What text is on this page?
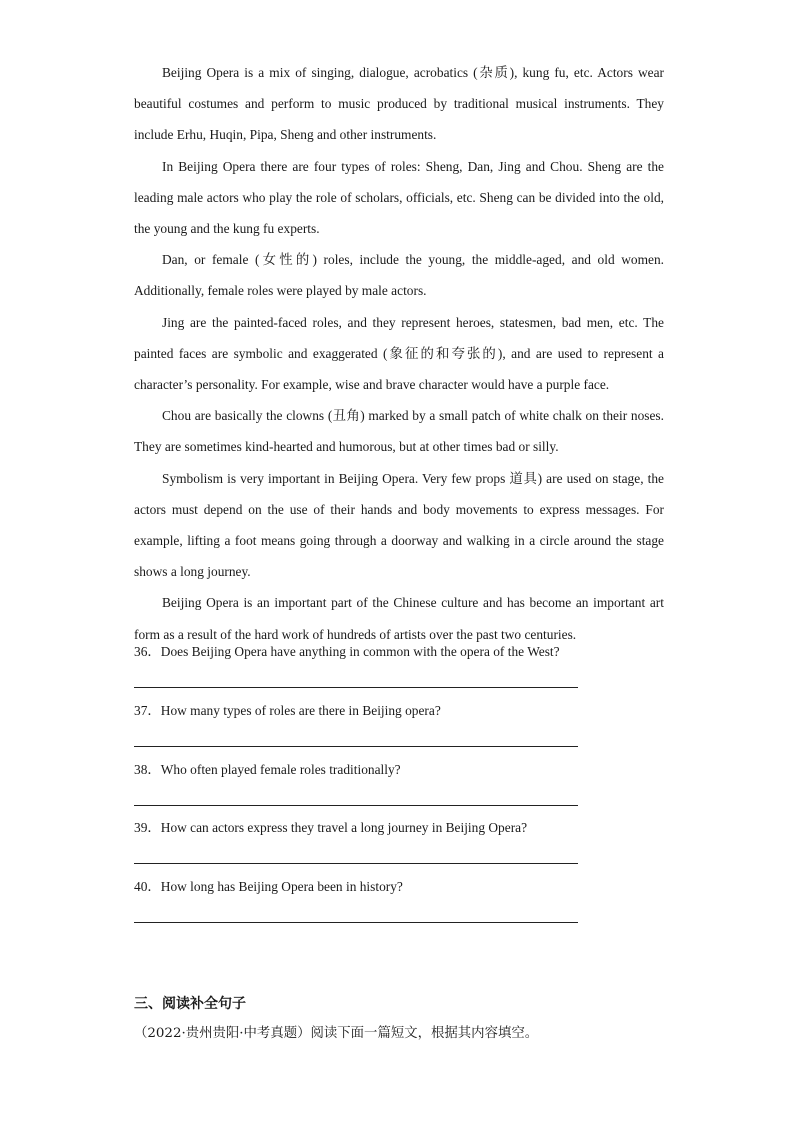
Beijing Opera is a mix of singing, dialogue, acrobatics (杂质), kung fu, etc. Actors wear beautiful costumes and perform to music produced by traditional musical instruments. They include Erhu, Huqin, Pipa, Sheng and other instruments.

In Beijing Opera there are four types of roles: Sheng, Dan, Jing and Chou. Sheng are the leading male actors who play the role of scholars, officials, etc. Sheng can be divided into the old, the young and the kung fu experts.

Dan, or female (女性的) roles, include the young, the middle-aged, and old women. Additionally, female roles were played by male actors.

Jing are the painted-faced roles, and they represent heroes, statesmen, bad men, etc. The painted faces are symbolic and exaggerated (象征的和夸张的), and are used to represent a character’s personality. For example, wise and brave character would have a purple face.

Chou are basically the clowns (丑角) marked by a small patch of white chalk on their noses. They are sometimes kind-hearted and humorous, but at other times bad or silly.

Symbolism is very important in Beijing Opera. Very few props 道具) are used on stage, the actors must depend on the use of their hands and body movements to express messages. For example, lifting a foot means going through a doorway and walking in a circle around the stage shows a long journey.

Beijing Opera is an important part of the Chinese culture and has become an important art form as a result of the hard work of hundreds of artists over the past two centuries.

36．Does Beijing Opera have anything in common with the opera of the West?
37．How many types of roles are there in Beijing opera?
38．Who often played female roles traditionally?
39．How can actors express they travel a long journey in Beijing Opera?
40．How long has Beijing Opera been in history?
三、阅读补全句子
（2022·贵州贵阳·中考真题）阅读下面一篇短文，根据其内容填空。
